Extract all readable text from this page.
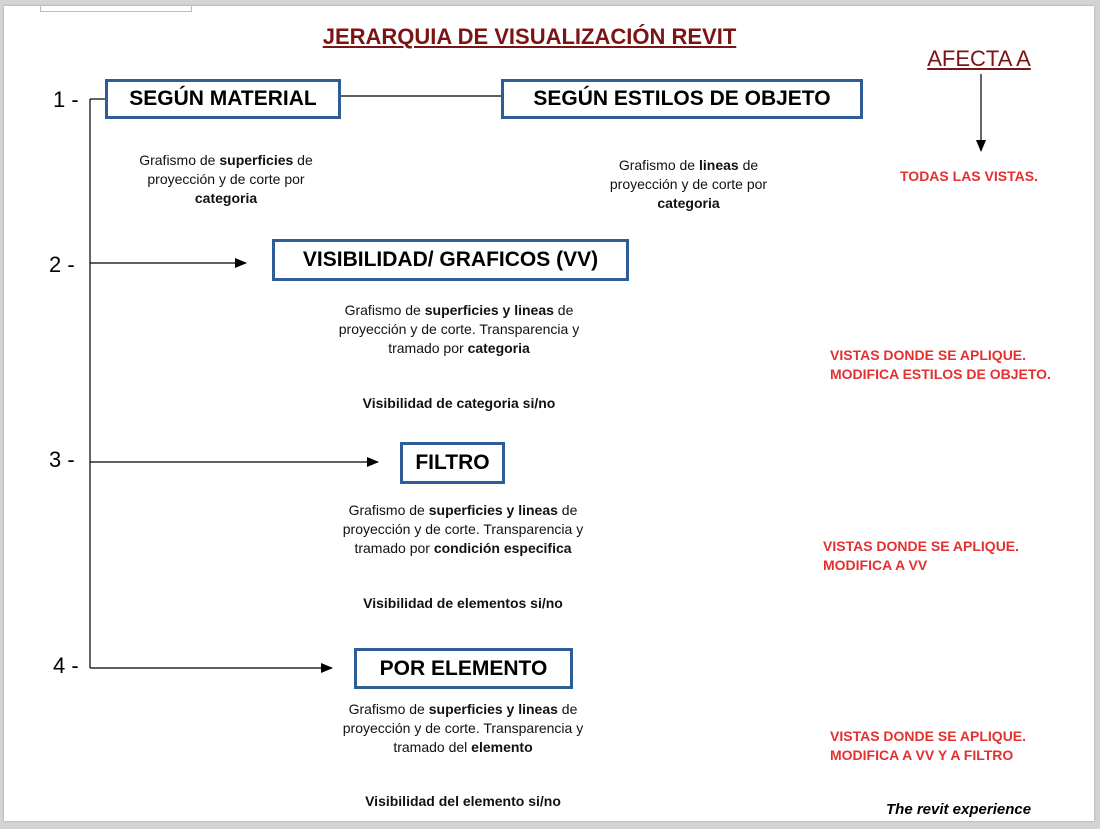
JERARQUIA DE VISUALIZACIÓN REVIT
AFECTA A
1 -	SEGÚN MATERIAL	SEGÚN ESTILOS DE OBJETO
Grafismo de superficies de proyección y de corte por categoria
Grafismo de lineas de proyección y de corte por categoria
TODAS LAS VISTAS.
2 -	VISIBILIDAD/ GRAFICOS (VV)
Grafismo de superficies y lineas de proyección y de corte. Transparencia y tramado por categoria
Visibilidad de categoria si/no
VISTAS DONDE SE APLIQUE. MODIFICA ESTILOS DE OBJETO.
3 -	FILTRO
Grafismo de superficies y lineas de proyección y de corte. Transparencia y tramado por condición especifica
Visibilidad de elementos si/no
VISTAS DONDE SE APLIQUE. MODIFICA A VV
4 -	POR ELEMENTO
Grafismo de superficies y lineas de proyección y de corte. Transparencia y tramado del elemento
Visibilidad del elemento si/no
VISTAS DONDE SE APLIQUE. MODIFICA A VV Y A FILTRO
The revit experience
